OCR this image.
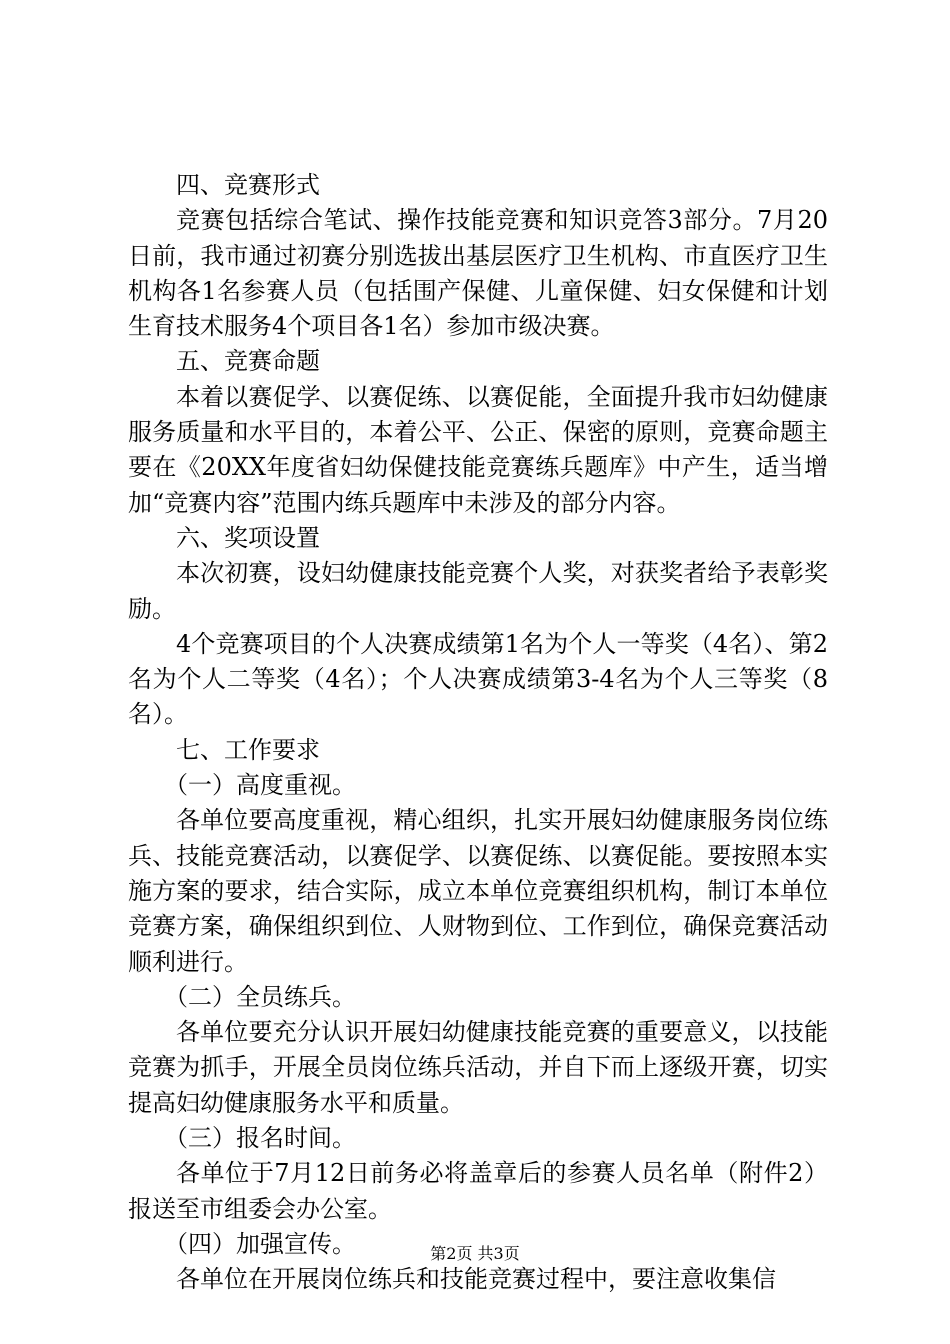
四、竞赛形式

竞赛包括综合笔试、操作技能竞赛和知识竞答3部分。7月20日前，我市通过初赛分别选拔出基层医疗卫生机构、市直医疗卫生机构各1名参赛人员（包括围产保健、儿童保健、妇女保健和计划生育技术服务4个项目各1名）参加市级决赛。

五、竞赛命题

本着以赛促学、以赛促练、以赛促能，全面提升我市妇幼健康服务质量和水平目的，本着公平、公正、保密的原则，竞赛命题主要在《20XX年度省妇幼保健技能竞赛练兵题库》中产生，适当增加“竞赛内容”范围内练兵题库中未涉及的部分内容。

六、奖项设置

本次初赛，设妇幼健康技能竞赛个人奖，对获奖者给予表彰奖励。

4个竞赛项目的个人决赛成绩第1名为个人一等奖（4名）、第2名为个人二等奖（4名）；个人决赛成绩第3-4名为个人三等奖（8名）。

七、工作要求

（一）高度重视。

各单位要高度重视，精心组织，扎实开展妇幼健康服务岗位练兵、技能竞赛活动，以赛促学、以赛促练、以赛促能。要按照本实施方案的要求，结合实际，成立本单位竞赛组织机构，制订本单位竞赛方案，确保组织到位、人财物到位、工作到位，确保竞赛活动顺利进行。

（二）全员练兵。

各单位要充分认识开展妇幼健康技能竞赛的重要意义，以技能竞赛为抓手，开展全员岗位练兵活动，并自下而上逐级开赛，切实提高妇幼健康服务水平和质量。

（三）报名时间。

各单位于7月12日前务必将盖章后的参赛人员名单（附件2）报送至市组委会办公室。

（四）加强宣传。

各单位在开展岗位练兵和技能竞赛过程中，要注意收集信

第2页 共3页
